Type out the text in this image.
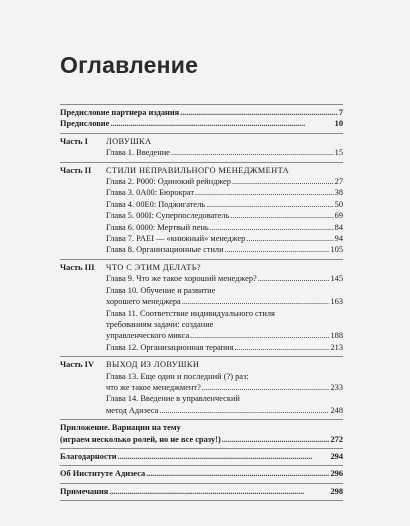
Оглавление
Предисловие партнера издания . . .	7
Предисловие . . .	10
Часть I	ЛОВУШКА
Глава 1. Введение . . .	15
Часть II	СТИЛИ НЕПРАВИЛЬНОГО МЕНЕДЖМЕНТА
Глава 2. P000: Одинокий рейнджер . . .	27
Глава 3. 0A00: Бюрократ . . .	38
Глава 4. 00E0: Поджигатель . . .	50
Глава 5. 000I: Суперпоследователь . . .	69
Глава 6. 0000: Мертвый пень . . .	84
Глава 7. PAEI — «книжный» менеджер . . .	94
Глава 8. Организационные стили . . .	105
Часть III	ЧТО С ЭТИМ ДЕЛАТЬ?
Глава 9. Что же такое хороший менеджер? . . .	145
Глава 10. Обучение и развитие
хорошего менеджера . . .	163
Глава 11. Соответствие индивидуального стиля
требованиям задачи: создание
управленческого микса . . .	188
Глава 12. Организационная терапия . . .	213
Часть IV	ВЫХОД ИЗ ЛОВУШКИ
Глава 13. Еще один и последний (?) раз:
что же такое менеджмент? . . .	233
Глава 14. Введение в управленческий
метод Адизеса . . .	248
Приложение. Вариации на тему
(играем несколько ролей, но не все сразу!) . . .	272
Благодарности . . .	294
Об Институте Адизеса . . .	296
Примечания . . .	298
